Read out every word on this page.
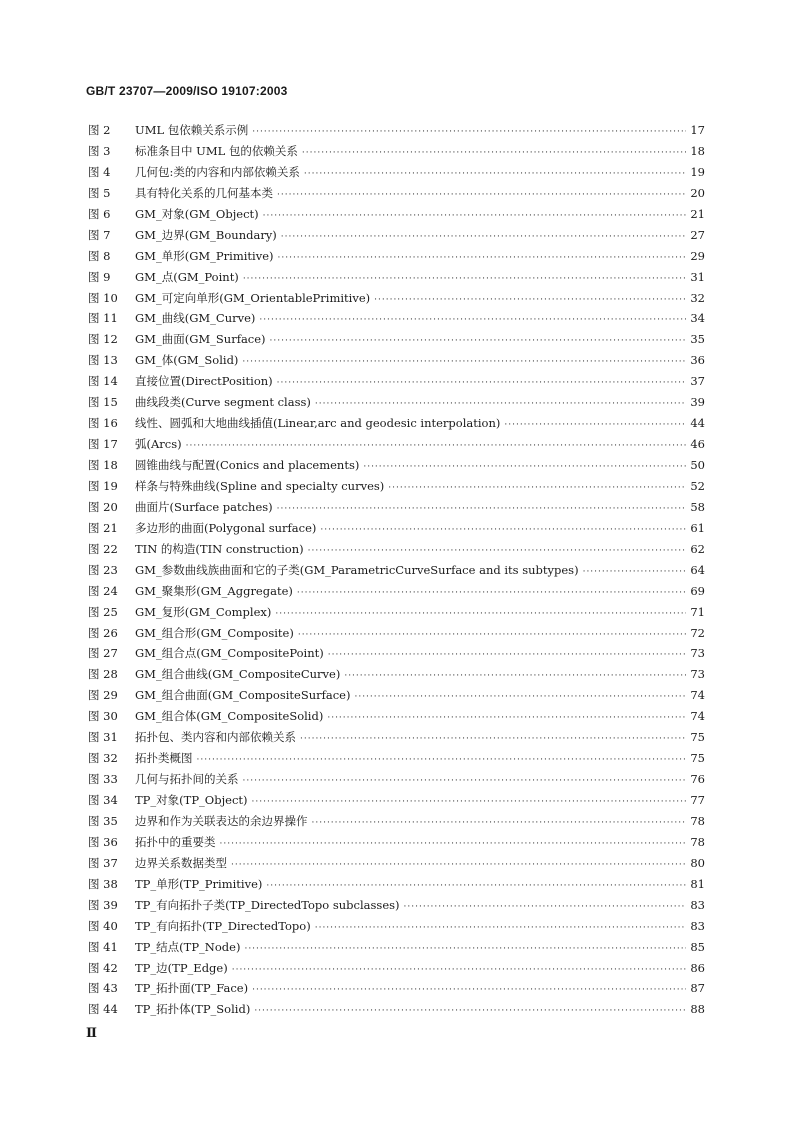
GB/T 23707—2009/ISO 19107:2003
图 2	UML 包依赖关系示例 ·····	17
图 3	标准条目中 UML 包的依赖关系 ·····	18
图 4	几何包:类的内容和内部依赖关系 ·····	19
图 5	具有特化关系的几何基本类 ·····	20
图 6	GM_对象(GM_Object) ·····	21
图 7	GM_边界(GM_Boundary) ·····	27
图 8	GM_单形(GM_Primitive) ·····	29
图 9	GM_点(GM_Point) ·····	31
图 10	GM_可定向单形(GM_OrientablePrimitive) ·····	32
图 11	GM_曲线(GM_Curve) ·····	34
图 12	GM_曲面(GM_Surface) ·····	35
图 13	GM_体(GM_Solid) ·····	36
图 14	直接位置(DirectPosition) ·····	37
图 15	曲线段类(Curve segment class) ·····	39
图 16	线性、圆弧和大地曲线插值(Linear,arc and geodesic interpolation) ·····	44
图 17	弧(Arcs) ·····	46
图 18	圆锥曲线与配置(Conics and placements) ·····	50
图 19	样条与特殊曲线(Spline and specialty curves) ·····	52
图 20	曲面片(Surface patches) ·····	58
图 21	多边形的曲面(Polygonal surface) ·····	61
图 22	TIN 的构造(TIN construction) ·····	62
图 23	GM_参数曲线族曲面和它的子类(GM_ParametricCurveSurface and its subtypes) ·····	64
图 24	GM_聚集形(GM_Aggregate) ·····	69
图 25	GM_复形(GM_Complex) ·····	71
图 26	GM_组合形(GM_Composite) ·····	72
图 27	GM_组合点(GM_CompositePoint) ·····	73
图 28	GM_组合曲线(GM_CompositeCurve) ·····	73
图 29	GM_组合曲面(GM_CompositeSurface) ·····	74
图 30	GM_组合体(GM_CompositeSolid) ·····	74
图 31	拓扑包、类内容和内部依赖关系 ·····	75
图 32	拓扑类概图 ·····	75
图 33	几何与拓扑间的关系 ·····	76
图 34	TP_对象(TP_Object) ·····	77
图 35	边界和作为关联表达的余边界操作 ·····	78
图 36	拓扑中的重要类 ·····	78
图 37	边界关系数据类型 ·····	80
图 38	TP_单形(TP_Primitive) ·····	81
图 39	TP_有向拓扑子类(TP_DirectedTopo subclasses) ·····	83
图 40	TP_有向拓扑(TP_DirectedTopo) ·····	83
图 41	TP_结点(TP_Node) ·····	85
图 42	TP_边(TP_Edge) ·····	86
图 43	TP_拓扑面(TP_Face) ·····	87
图 44	TP_拓扑体(TP_Solid) ·····	88
Ⅱ
